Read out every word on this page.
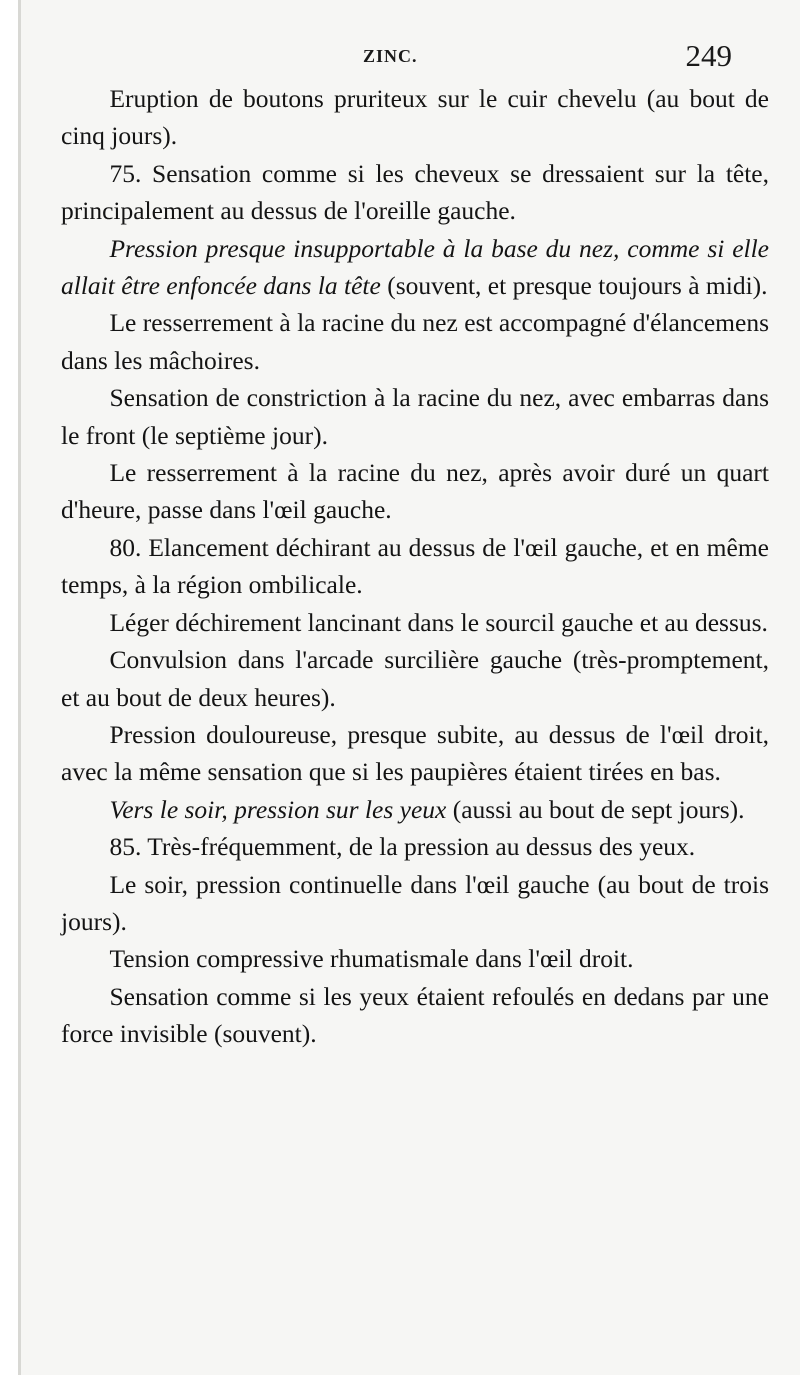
ZINC.	249

Eruption de boutons pruriteux sur le cuir chevelu (au bout de cinq jours).

75. Sensation comme si les cheveux se dressaient sur la tête, principalement au dessus de l'oreille gauche.

Pression presque insupportable à la base du nez, comme si elle allait être enfoncée dans la tête (souvent, et presque toujours à midi).

Le resserrement à la racine du nez est accompagné d'élancemens dans les mâchoires.

Sensation de constriction à la racine du nez, avec embarras dans le front (le septième jour).

Le resserrement à la racine du nez, après avoir duré un quart d'heure, passe dans l'œil gauche.

80. Elancement déchirant au dessus de l'œil gauche, et en même temps, à la région ombilicale.

Léger déchirement lancinant dans le sourcil gauche et au dessus.

Convulsion dans l'arcade surcilière gauche (très-promptement, et au bout de deux heures).

Pression douloureuse, presque subite, au dessus de l'œil droit, avec la même sensation que si les paupières étaient tirées en bas.

Vers le soir, pression sur les yeux (aussi au bout de sept jours).

85. Très-fréquemment, de la pression au dessus des yeux.

Le soir, pression continuelle dans l'œil gauche (au bout de trois jours).

Tension compressive rhumatismale dans l'œil droit.

Sensation comme si les yeux étaient refoulés en dedans par une force invisible (souvent).
